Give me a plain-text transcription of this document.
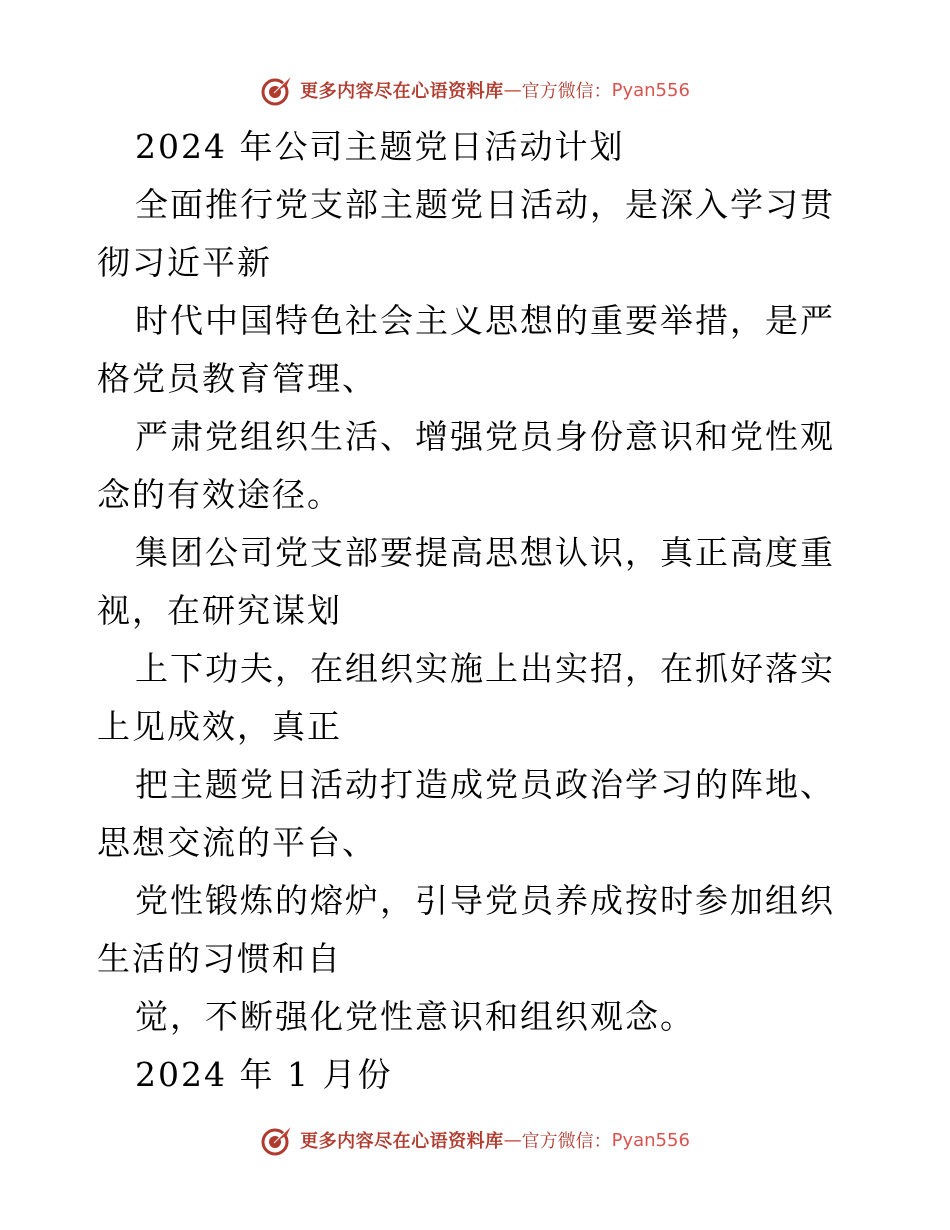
更多内容尽在心语资料库 — 官方微信： Pyan556

2024 年公司主题党日活动计划

全面推行党支部主题党日活动，是深入学习贯彻习近平新

时代中国特色社会主义思想的重要举措，是严格党员教育管理、

严肃党组织生活、增强党员身份意识和党性观念的有效途径。

集团公司党支部要提高思想认识，真正高度重视，在研究谋划

上下功夫，在组织实施上出实招，在抓好落实上见成效，真正

把主题党日活动打造成党员政治学习的阵地、思想交流的平台、

党性锻炼的熔炉，引导党员养成按时参加组织生活的习惯和自

觉，不断强化党性意识和组织观念。

2024 年 1 月份

更多内容尽在心语资料库 — 官方微信： Pyan556
